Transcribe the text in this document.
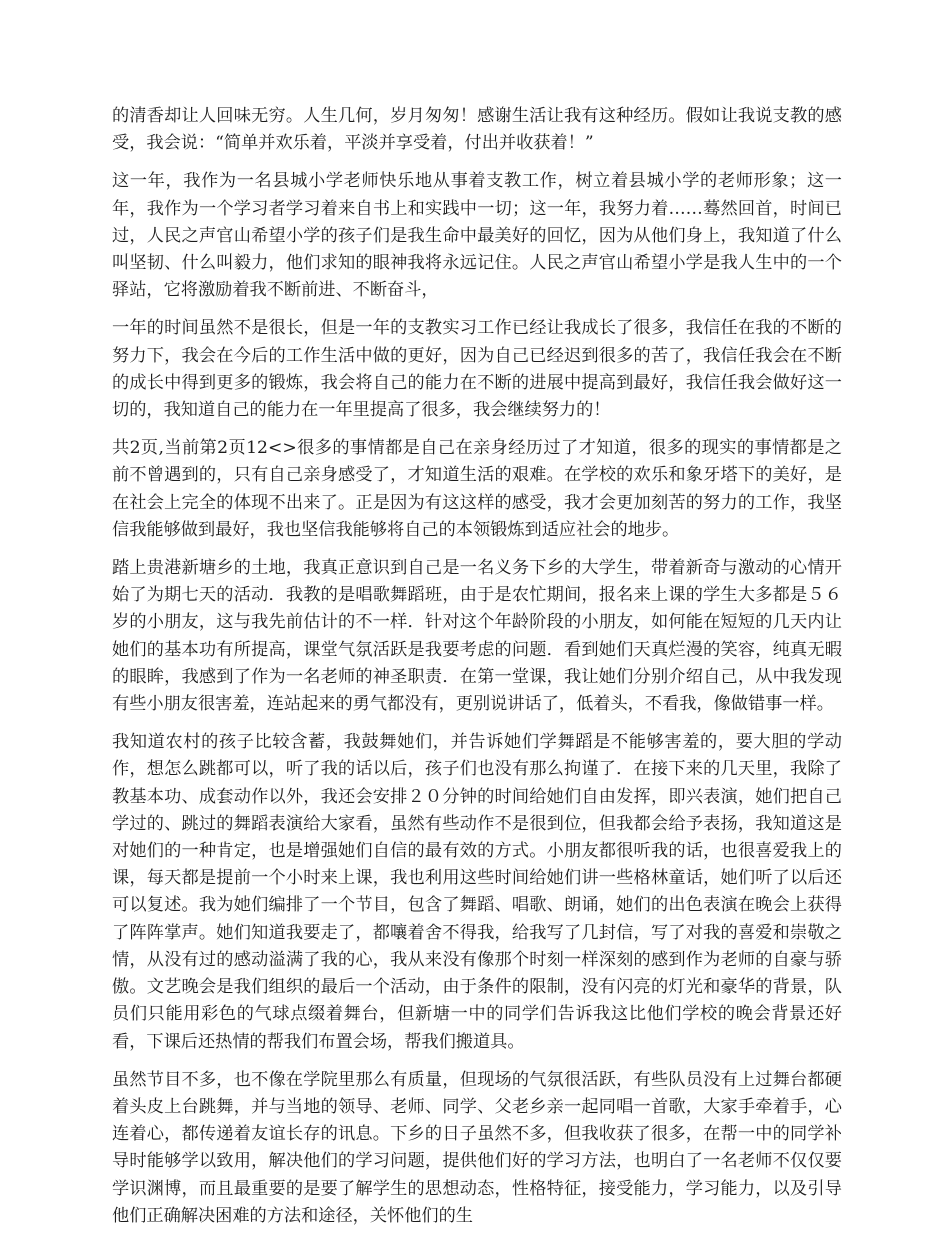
的清香却让人回味无穷。人生几何，岁月匆匆！感谢生活让我有这种经历。假如让我说支教的感受，我会说：“简单并欢乐着，平淡并享受着，付出并收获着！”

这一年，我作为一名县城小学老师快乐地从事着支教工作，树立着县城小学的老师形象；这一年，我作为一个学习者学习着来自书上和实践中一切；这一年，我努力着……蓦然回首，时间已过，人民之声官山希望小学的孩子们是我生命中最美好的回忆，因为从他们身上，我知道了什么叫坚韧、什么叫毅力，他们求知的眼神我将永远记住。人民之声官山希望小学是我人生中的一个驿站，它将激励着我不断前进、不断奋斗，

一年的时间虽然不是很长，但是一年的支教实习工作已经让我成长了很多，我信任在我的不断的努力下，我会在今后的工作生活中做的更好，因为自己已经迟到很多的苦了，我信任我会在不断的成长中得到更多的锻炼，我会将自己的能力在不断的进展中提高到最好，我信任我会做好这一切的，我知道自己的能力在一年里提高了很多，我会继续努力的！

共2页,当前第2页12<>很多的事情都是自己在亲身经历过了才知道，很多的现实的事情都是之前不曾遇到的，只有自己亲身感受了，才知道生活的艰难。在学校的欢乐和象牙塔下的美好，是在社会上完全的体现不出来了。正是因为有这这样的感受，我才会更加刻苦的努力的工作，我坚信我能够做到最好，我也坚信我能够将自己的本领锻炼到适应社会的地步。

踏上贵港新塘乡的土地，我真正意识到自己是一名义务下乡的大学生，带着新奇与激动的心情开始了为期七天的活动．我教的是唱歌舞蹈班，由于是农忙期间，报名来上课的学生大多都是５６岁的小朋友，这与我先前估计的不一样．针对这个年龄阶段的小朋友，如何能在短短的几天内让她们的基本功有所提高，课堂气氛活跃是我要考虑的问题．看到她们天真烂漫的笑容，纯真无暇的眼眸，我感到了作为一名老师的神圣职责．在第一堂课，我让她们分别介绍自己，从中我发现有些小朋友很害羞，连站起来的勇气都没有，更别说讲话了，低着头，不看我，像做错事一样。

我知道农村的孩子比较含蓄，我鼓舞她们，并告诉她们学舞蹈是不能够害羞的，要大胆的学动作，想怎么跳都可以，听了我的话以后，孩子们也没有那么拘谨了．在接下来的几天里，我除了教基本功、成套动作以外，我还会安排２０分钟的时间给她们自由发挥，即兴表演，她们把自己学过的、跳过的舞蹈表演给大家看，虽然有些动作不是很到位，但我都会给予表扬，我知道这是对她们的一种肯定，也是增强她们自信的最有效的方式。小朋友都很听我的话，也很喜爱我上的课，每天都是提前一个小时来上课，我也利用这些时间给她们讲一些格林童话，她们听了以后还可以复述。我为她们编排了一个节目，包含了舞蹈、唱歌、朗诵，她们的出色表演在晚会上获得了阵阵掌声。她们知道我要走了，都嚷着舍不得我，给我写了几封信，写了对我的喜爱和崇敬之情，从没有过的感动溢满了我的心，我从来没有像那个时刻一样深刻的感到作为老师的自豪与骄傲。文艺晚会是我们组织的最后一个活动，由于条件的限制，没有闪亮的灯光和豪华的背景，队员们只能用彩色的气球点缀着舞台，但新塘一中的同学们告诉我这比他们学校的晚会背景还好看，下课后还热情的帮我们布置会场，帮我们搬道具。

虽然节目不多，也不像在学院里那么有质量，但现场的气氛很活跃，有些队员没有上过舞台都硬着头皮上台跳舞，并与当地的领导、老师、同学、父老乡亲一起同唱一首歌，大家手牵着手，心连着心，都传递着友谊长存的讯息。下乡的日子虽然不多，但我收获了很多，在帮一中的同学补导时能够学以致用，解决他们的学习问题，提供他们好的学习方法，也明白了一名老师不仅仅要学识渊博，而且最重要的是要了解学生的思想动态，性格特征，接受能力，学习能力，以及引导他们正确解决困难的方法和途径，关怀他们的生
